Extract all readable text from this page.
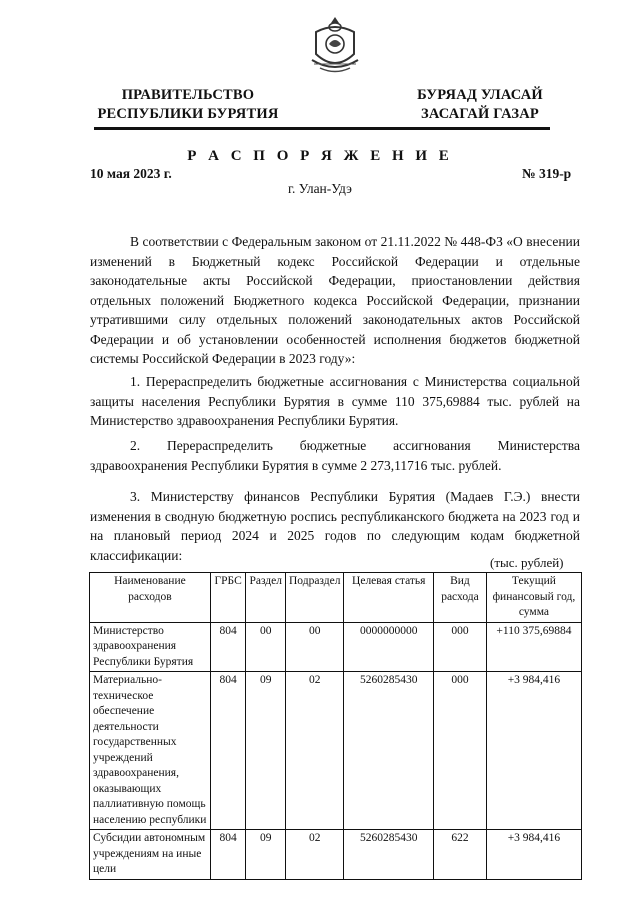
ПРАВИТЕЛЬСТВО
РЕСПУБЛИКИ БУРЯТИЯ
БУРЯАД УЛАСАЙ
ЗАСАГАЙ ГАЗАР
Р А С П О Р Я Ж Е Н И Е
10 мая 2023 г.	№ 319-р
г. Улан-Удэ
В соответствии с Федеральным законом от 21.11.2022 № 448-ФЗ «О внесении изменений в Бюджетный кодекс Российской Федерации и отдельные законодательные акты Российской Федерации, приостановлении действия отдельных положений Бюджетного кодекса Российской Федерации, признании утратившими силу отдельных положений законодательных актов Российской Федерации и об установлении особенностей исполнения бюджетов бюджетной системы Российской Федерации в 2023 году»:
1. Перераспределить бюджетные ассигнования с Министерства социальной защиты населения Республики Бурятия в сумме 110 375,69884 тыс. рублей на Министерство здравоохранения Республики Бурятия.
2. Перераспределить бюджетные ассигнования Министерства здравоохранения Республики Бурятия в сумме 2 273,11716 тыс. рублей.
3. Министерству финансов Республики Бурятия (Мадаев Г.Э.) внести изменения в сводную бюджетную роспись республиканского бюджета на 2023 год и на плановый период 2024 и 2025 годов по следующим кодам бюджетной классификации:	(тыс. рублей)
Наименование расходов	ГРБС	Раздел	Подраздел	Целевая статья	Вид расхода	Текущий финансовый год, сумма
Министерство здравоохранения Республики Бурятия	804	00	00	0000000000	000	+110 375,69884
Материально-техническое обеспечение деятельности государственных учреждений здравоохранения, оказывающих паллиативную помощь населению республики	804	09	02	5260285430	000	+3 984,416
Субсидии автономным учреждениям на иные цели	804	09	02	5260285430	622	+3 984,416
